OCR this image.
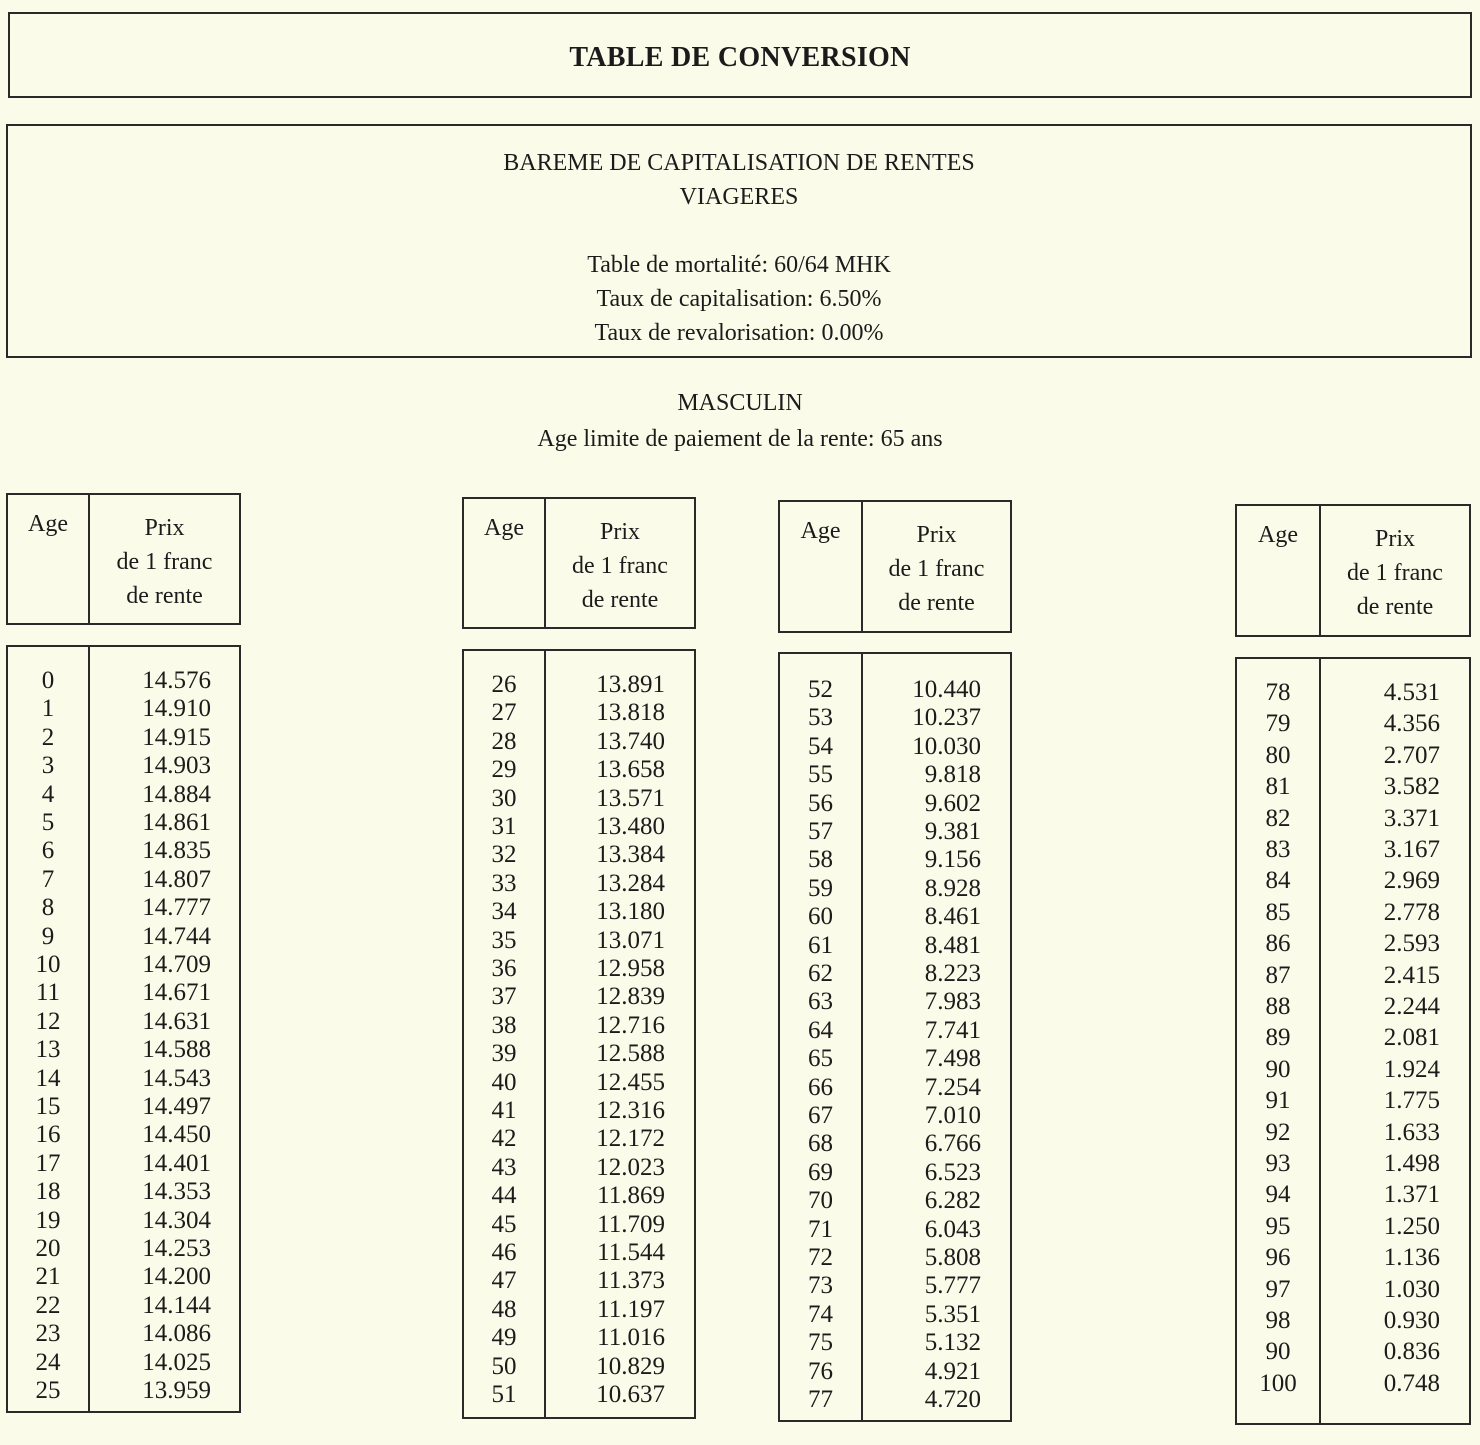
TABLE DE CONVERSION
BAREME DE CAPITALISATION DE RENTES
VIAGERES
Table de mortalité: 60/64 MHK
Taux de capitalisation: 6.50%
Taux de revalorisation: 0.00%
MASCULIN
Age limite de paiement de la rente: 65 ans
Age	Prix
de 1 franc
de rente
0	14.576
1	14.910
2	14.915
3	14.903
4	14.884
5	14.861
6	14.835
7	14.807
8	14.777
9	14.744
10	14.709
11	14.671
12	14.631
13	14.588
14	14.543
15	14.497
16	14.450
17	14.401
18	14.353
19	14.304
20	14.253
21	14.200
22	14.144
23	14.086
24	14.025
25	13.959
Age	Prix
de 1 franc
de rente
26	13.891
27	13.818
28	13.740
29	13.658
30	13.571
31	13.480
32	13.384
33	13.284
34	13.180
35	13.071
36	12.958
37	12.839
38	12.716
39	12.588
40	12.455
41	12.316
42	12.172
43	12.023
44	11.869
45	11.709
46	11.544
47	11.373
48	11.197
49	11.016
50	10.829
51	10.637
Age	Prix
de 1 franc
de rente
52	10.440
53	10.237
54	10.030
55	9.818
56	9.602
57	9.381
58	9.156
59	8.928
60	8.461
61	8.481
62	8.223
63	7.983
64	7.741
65	7.498
66	7.254
67	7.010
68	6.766
69	6.523
70	6.282
71	6.043
72	5.808
73	5.777
74	5.351
75	5.132
76	4.921
77	4.720
Age	Prix
de 1 franc
de rente
78	4.531
79	4.356
80	2.707
81	3.582
82	3.371
83	3.167
84	2.969
85	2.778
86	2.593
87	2.415
88	2.244
89	2.081
90	1.924
91	1.775
92	1.633
93	1.498
94	1.371
95	1.250
96	1.136
97	1.030
98	0.930
90	0.836
100	0.748
